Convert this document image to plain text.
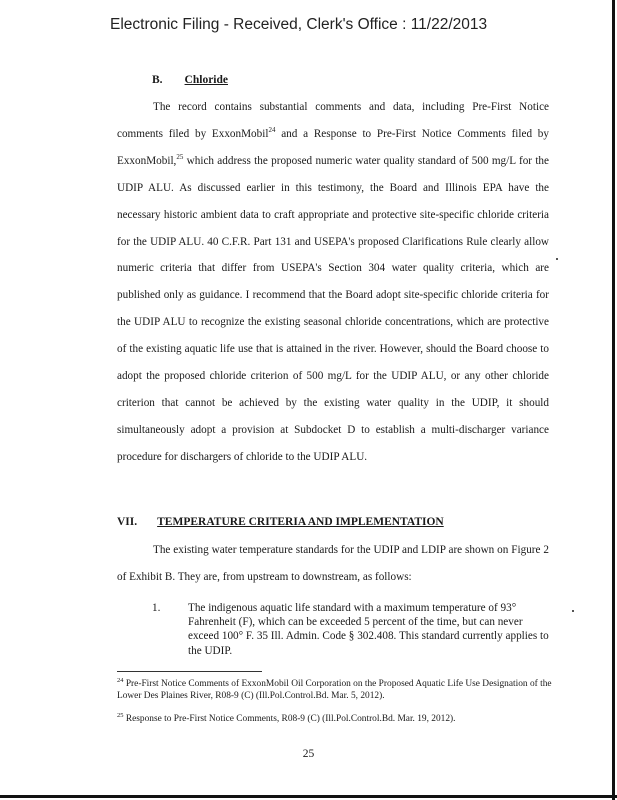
Electronic Filing - Received, Clerk's Office : 11/22/2013
B. Chloride

The record contains substantial comments and data, including Pre-First Notice comments filed by ExxonMobil$^{24}$ and a Response to Pre-First Notice Comments filed by ExxonMobil,$^{25}$ which address the proposed numeric water quality standard of 500 mg/L for the UDIP ALU. As discussed earlier in this testimony, the Board and Illinois EPA have the necessary historic ambient data to craft appropriate and protective site-specific chloride criteria for the UDIP ALU. 40 C.F.R. Part 131 and USEPA's proposed Clarifications Rule clearly allow numeric criteria that differ from USEPA's Section 304 water quality criteria, which are published only as guidance. I recommend that the Board adopt site-specific chloride criteria for the UDIP ALU to recognize the existing seasonal chloride concentrations, which are protective of the existing aquatic life use that is attained in the river. However, should the Board choose to adopt the proposed chloride criterion of 500 mg/L for the UDIP ALU, or any other chloride criterion that cannot be achieved by the existing water quality in the UDIP, it should simultaneously adopt a provision at Subdocket D to establish a multi-discharger variance procedure for dischargers of chloride to the UDIP ALU.

VII. TEMPERATURE CRITERIA AND IMPLEMENTATION

The existing water temperature standards for the UDIP and LDIP are shown on Figure 2 of Exhibit B. They are, from upstream to downstream, as follows:

1. The indigenous aquatic life standard with a maximum temperature of 93° Fahrenheit (F), which can be exceeded 5 percent of the time, but can never exceed 100° F. 35 Ill. Admin. Code § 302.408. This standard currently applies to the UDIP.

$^{24}$ Pre-First Notice Comments of ExxonMobil Oil Corporation on the Proposed Aquatic Life Use Designation of the Lower Des Plaines River, R08-9 (C) (Ill.Pol.Control.Bd. Mar. 5, 2012).

$^{25}$ Response to Pre-First Notice Comments, R08-9 (C) (Ill.Pol.Control.Bd. Mar. 19, 2012).

25
